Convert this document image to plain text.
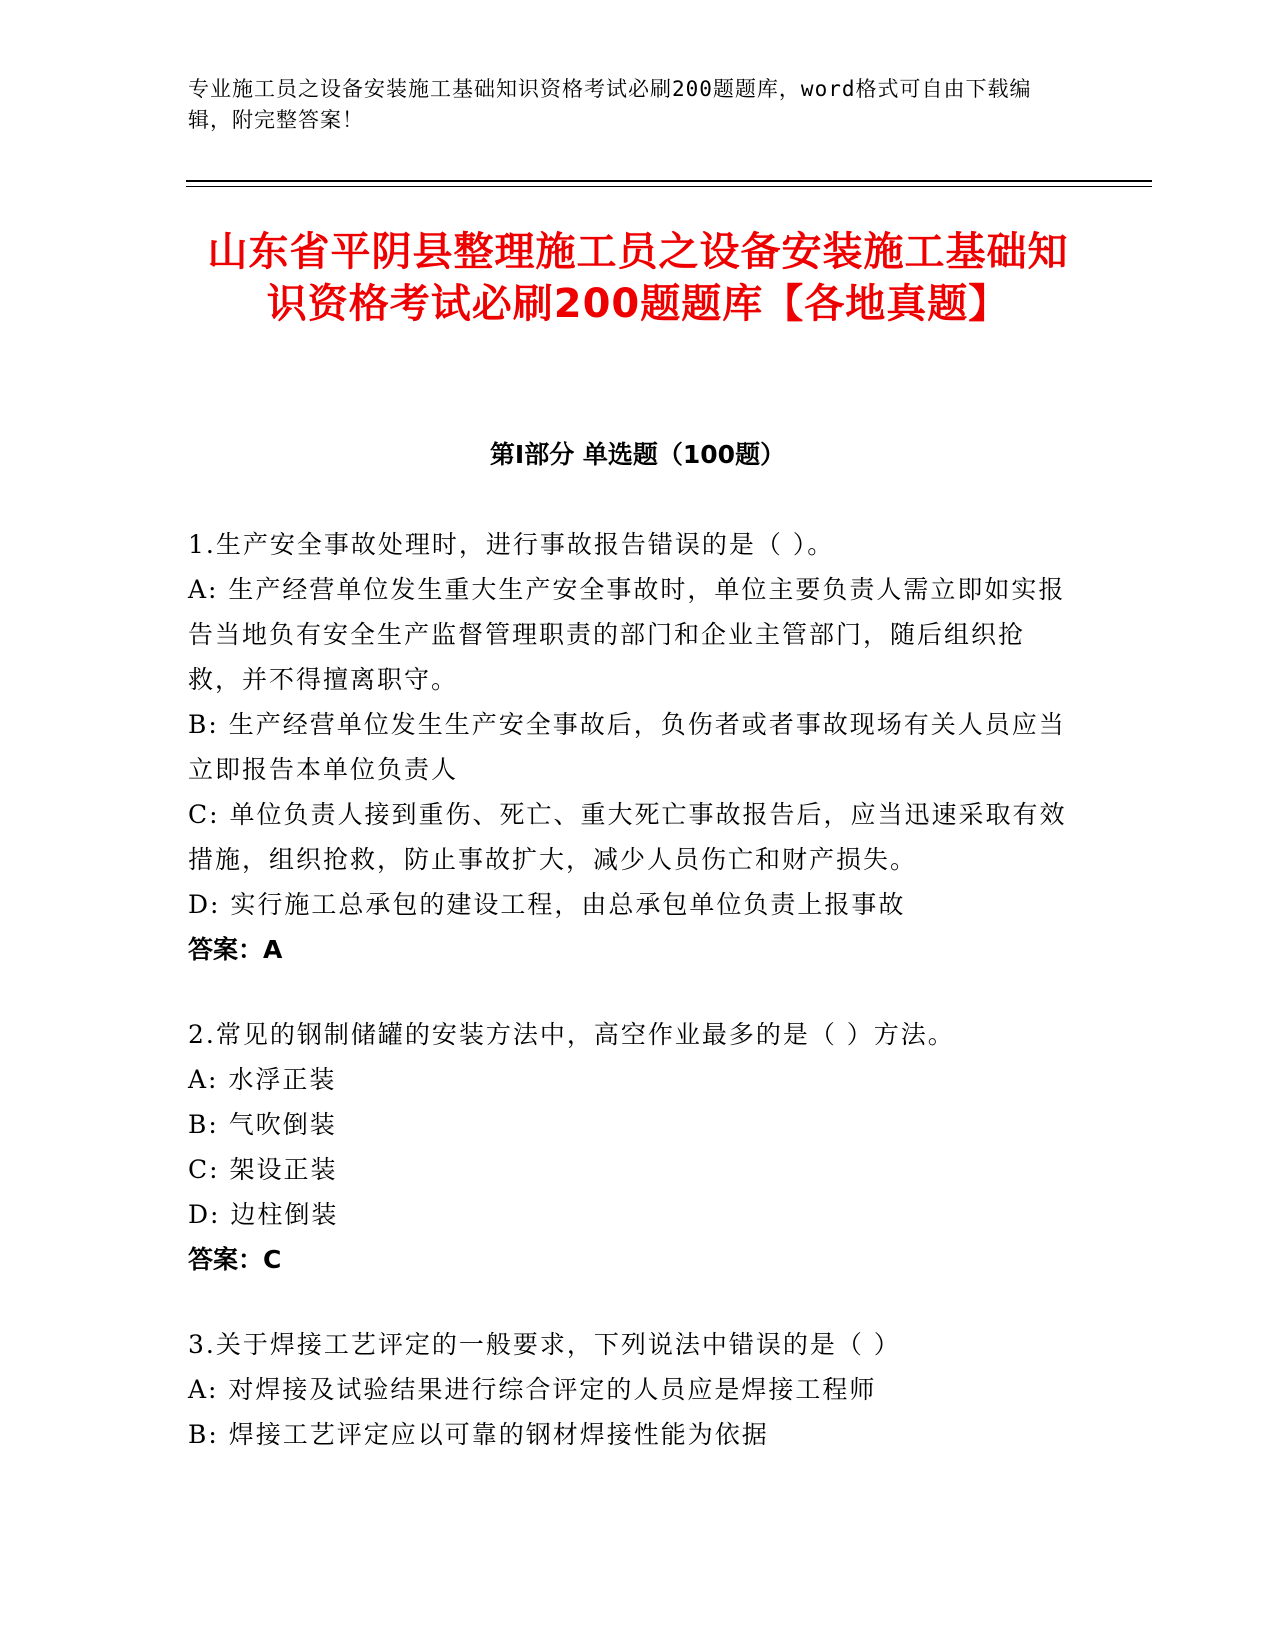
专业施工员之设备安装施工基础知识资格考试必刷200题题库，word格式可自由下载编辑，附完整答案！
山东省平阴县整理施工员之设备安装施工基础知识资格考试必刷200题题库【各地真题】
第I部分 单选题（100题）
1.生产安全事故处理时，进行事故报告错误的是（ ）。
A: 生产经营单位发生重大生产安全事故时，单位主要负责人需立即如实报告当地负有安全生产监督管理职责的部门和企业主管部门，随后组织抢救，并不得擅离职守。
B: 生产经营单位发生生产安全事故后，负伤者或者事故现场有关人员应当立即报告本单位负责人
C: 单位负责人接到重伤、死亡、重大死亡事故报告后，应当迅速采取有效措施，组织抢救，防止事故扩大，减少人员伤亡和财产损失。
D: 实行施工总承包的建设工程，由总承包单位负责上报事故
答案：A
2.常见的钢制储罐的安装方法中，高空作业最多的是（ ）方法。
A: 水浮正装
B: 气吹倒装
C: 架设正装
D: 边柱倒装
答案：C
3.关于焊接工艺评定的一般要求，下列说法中错误的是（ ）
A: 对焊接及试验结果进行综合评定的人员应是焊接工程师
B: 焊接工艺评定应以可靠的钢材焊接性能为依据
